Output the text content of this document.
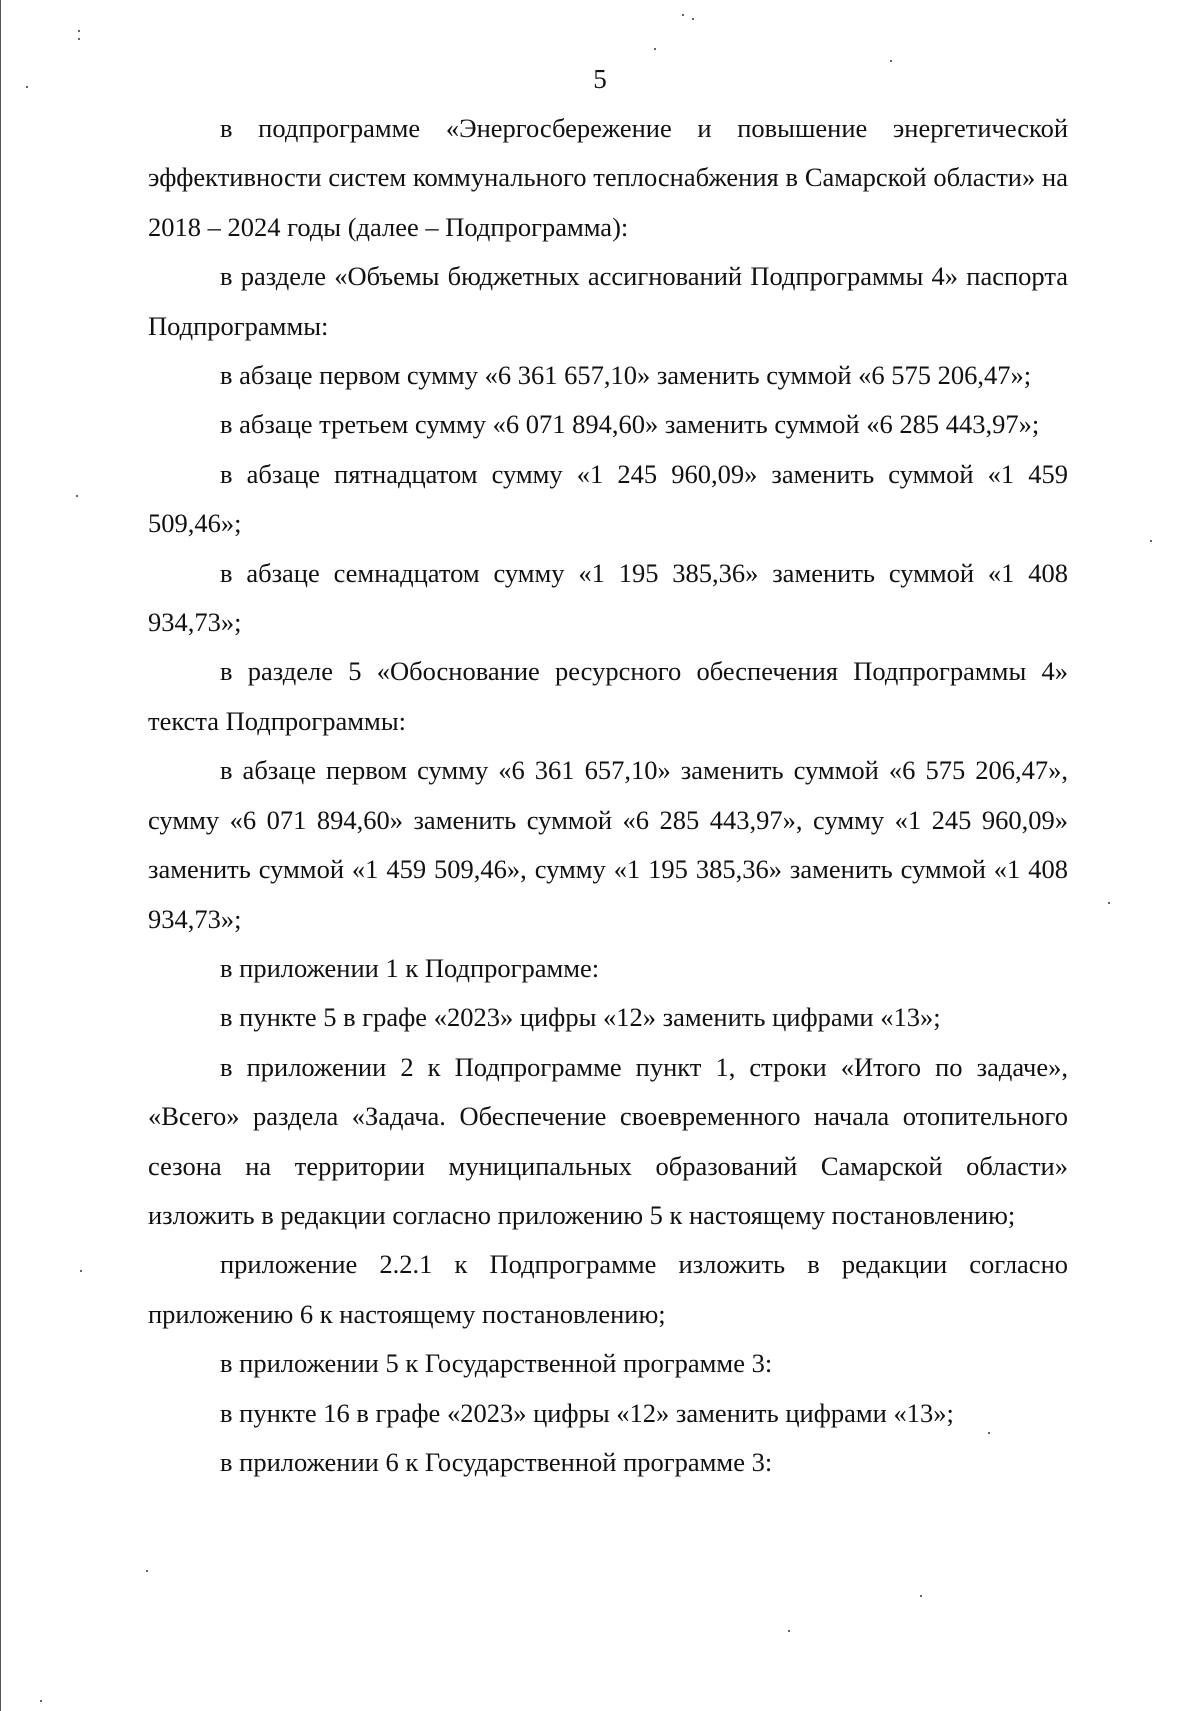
5

в подпрограмме «Энергосбережение и повышение энергетической эффективности систем коммунального теплоснабжения в Самарской области» на 2018 – 2024 годы (далее – Подпрограмма):

в разделе «Объемы бюджетных ассигнований Подпрограммы 4» паспорта Подпрограммы:

в абзаце первом сумму «6 361 657,10» заменить суммой «6 575 206,47»;

в абзаце третьем сумму «6 071 894,60» заменить суммой «6 285 443,97»;

в абзаце пятнадцатом сумму «1 245 960,09» заменить суммой «1 459 509,46»;

в абзаце семнадцатом сумму «1 195 385,36» заменить суммой «1 408 934,73»;

в разделе 5 «Обоснование ресурсного обеспечения Подпрограммы 4» текста Подпрограммы:

в абзаце первом сумму «6 361 657,10» заменить суммой «6 575 206,47», сумму «6 071 894,60» заменить суммой «6 285 443,97», сумму «1 245 960,09» заменить суммой «1 459 509,46», сумму «1 195 385,36» заменить суммой «1 408 934,73»;

в приложении 1 к Подпрограмме:

в пункте 5 в графе «2023» цифры «12» заменить цифрами «13»;

в приложении 2 к Подпрограмме пункт 1, строки «Итого по задаче», «Всего» раздела «Задача. Обеспечение своевременного начала отопительного сезона на территории муниципальных образований Самарской области» изложить в редакции согласно приложению 5 к настоящему постановлению;

приложение 2.2.1 к Подпрограмме изложить в редакции согласно приложению 6 к настоящему постановлению;

в приложении 5 к Государственной программе 3:

в пункте 16 в графе «2023» цифры «12» заменить цифрами «13»;

в приложении 6 к Государственной программе 3:
